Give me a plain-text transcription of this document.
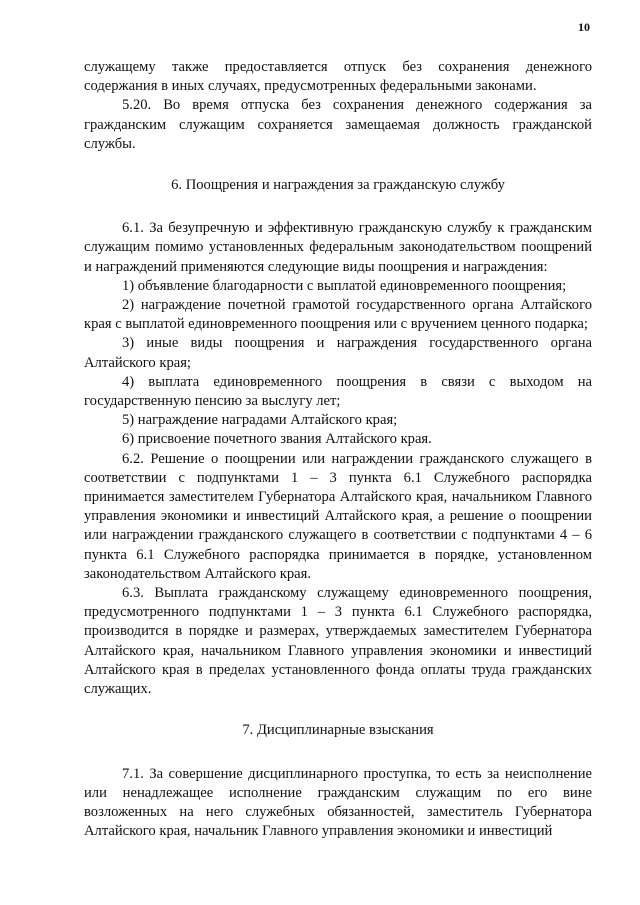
10

служащему также предоставляется отпуск без сохранения денежного содержания в иных случаях, предусмотренных федеральными законами.

5.20. Во время отпуска без сохранения денежного содержания за гражданским служащим сохраняется замещаемая должность гражданской службы.

6. Поощрения и награждения за гражданскую службу

6.1. За безупречную и эффективную гражданскую службу к гражданским служащим помимо установленных федеральным законодательством поощрений и награждений применяются следующие виды поощрения и награждения:

1) объявление благодарности с выплатой единовременного поощрения;

2) награждение почетной грамотой государственного органа Алтайского края с выплатой единовременного поощрения или с вручением ценного подарка;

3) иные виды поощрения и награждения государственного органа Алтайского края;

4) выплата единовременного поощрения в связи с выходом на государственную пенсию за выслугу лет;

5) награждение наградами Алтайского края;

6) присвоение почетного звания Алтайского края.

6.2. Решение о поощрении или награждении гражданского служащего в соответствии с подпунктами 1 – 3 пункта 6.1 Служебного распорядка принимается заместителем Губернатора Алтайского края, начальником Главного управления экономики и инвестиций Алтайского края, а решение о поощрении или награждении гражданского служащего в соответствии с подпунктами 4 – 6 пункта 6.1 Служебного распорядка принимается в порядке, установленном законодательством Алтайского края.

6.3. Выплата гражданскому служащему единовременного поощрения, предусмотренного подпунктами 1 – 3 пункта 6.1 Служебного распорядка, производится в порядке и размерах, утверждаемых заместителем Губернатора Алтайского края, начальником Главного управления экономики и инвестиций Алтайского края в пределах установленного фонда оплаты труда гражданских служащих.

7. Дисциплинарные взыскания

7.1. За совершение дисциплинарного проступка, то есть за неисполнение или ненадлежащее исполнение гражданским служащим по его вине возложенных на него служебных обязанностей, заместитель Губернатора Алтайского края, начальник Главного управления экономики и инвестиций
